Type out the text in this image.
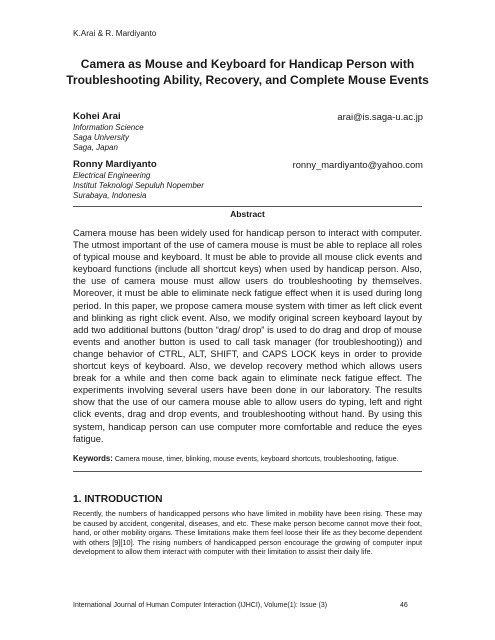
K.Arai & R. Mardiyanto
Camera as Mouse and Keyboard for Handicap Person with
Troubleshooting Ability, Recovery, and Complete Mouse Events
Kohei Arai	arai@is.saga-u.ac.jp
Information Science
Saga University
Saga, Japan
Ronny Mardiyanto	ronny_mardiyanto@yahoo.com
Electrical Engineering
Institut Teknologi Sepuluh Nopember
Surabaya, Indonesia
Abstract

Camera mouse has been widely used for handicap person to interact with computer. The utmost important of the use of camera mouse is must be able to replace all roles of typical mouse and keyboard. It must be able to provide all mouse click events and keyboard functions (include all shortcut keys) when used by handicap person. Also, the use of camera mouse must allow users do troubleshooting by themselves. Moreover, it must be able to eliminate neck fatigue effect when it is used during long period. In this paper, we propose camera mouse system with timer as left click event and blinking as right click event. Also, we modify original screen keyboard layout by add two additional buttons (button “drag/ drop” is used to do drag and drop of mouse events and another button is used to call task manager (for troubleshooting)) and change behavior of CTRL, ALT, SHIFT, and CAPS LOCK keys in order to provide shortcut keys of keyboard. Also, we develop recovery method which allows users break for a while and then come back again to eliminate neck fatigue effect. The experiments involving several users have been done in our laboratory. The results show that the use of our camera mouse able to allow users do typing, left and right click events, drag and drop events, and troubleshooting without hand. By using this system, handicap person can use computer more comfortable and reduce the eyes fatigue.

Keywords: Camera mouse, timer, blinking, mouse events, keyboard shortcuts, troubleshooting, fatigue.
1. INTRODUCTION

Recently, the numbers of handicapped persons who have limited in mobility have been rising. These may be caused by accident, congenital, diseases, and etc. These make person become cannot move their foot, hand, or other mobility organs. These limitations make them feel loose their life as they become dependent with others [9][10]. The rising numbers of handicapped person encourage the growing of computer input development to allow them interact with computer with their limitation to assist their daily life.

International Journal of Human Computer Interaction (IJHCI), Volume(1): Issue (3)	46
